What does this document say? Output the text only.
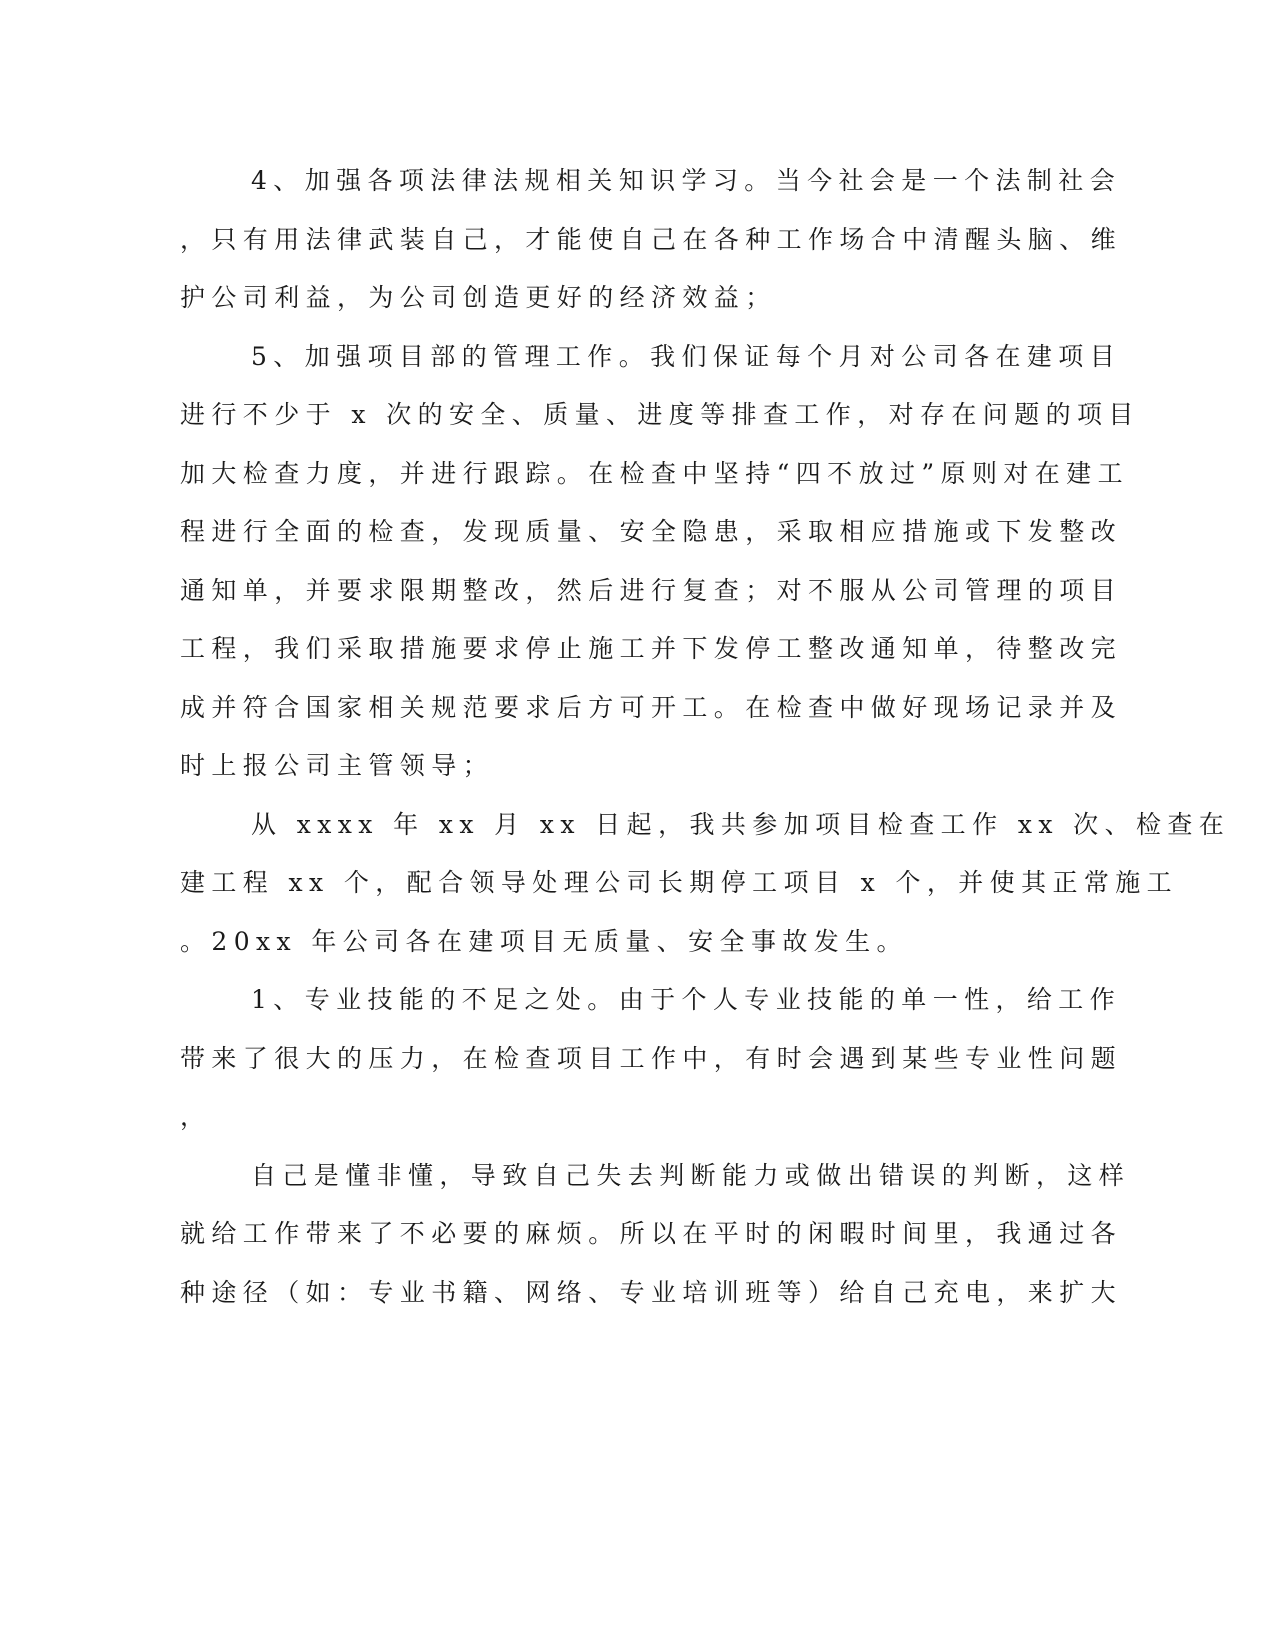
4、加强各项法律法规相关知识学习。当今社会是一个法制社会
，只有用法律武装自己，才能使自己在各种工作场合中清醒头脑、维
护公司利益，为公司创造更好的经济效益；
5、加强项目部的管理工作。我们保证每个月对公司各在建项目
进行不少于 x 次的安全、质量、进度等排查工作，对存在问题的项目
加大检查力度，并进行跟踪。在检查中坚持“四不放过”原则对在建工
程进行全面的检查，发现质量、安全隐患，采取相应措施或下发整改
通知单，并要求限期整改，然后进行复查；对不服从公司管理的项目
工程，我们采取措施要求停止施工并下发停工整改通知单，待整改完
成并符合国家相关规范要求后方可开工。在检查中做好现场记录并及
时上报公司主管领导；
从 xxxx 年 xx 月 xx 日起，我共参加项目检查工作 xx 次、检查在
建工程 xx 个，配合领导处理公司长期停工项目 x 个，并使其正常施工
。20xx 年公司各在建项目无质量、安全事故发生。
1、专业技能的不足之处。由于个人专业技能的单一性，给工作
带来了很大的压力，在检查项目工作中，有时会遇到某些专业性问题
，
自己是懂非懂，导致自己失去判断能力或做出错误的判断，这样
就给工作带来了不必要的麻烦。所以在平时的闲暇时间里，我通过各
种途径（如：专业书籍、网络、专业培训班等）给自己充电，来扩大
